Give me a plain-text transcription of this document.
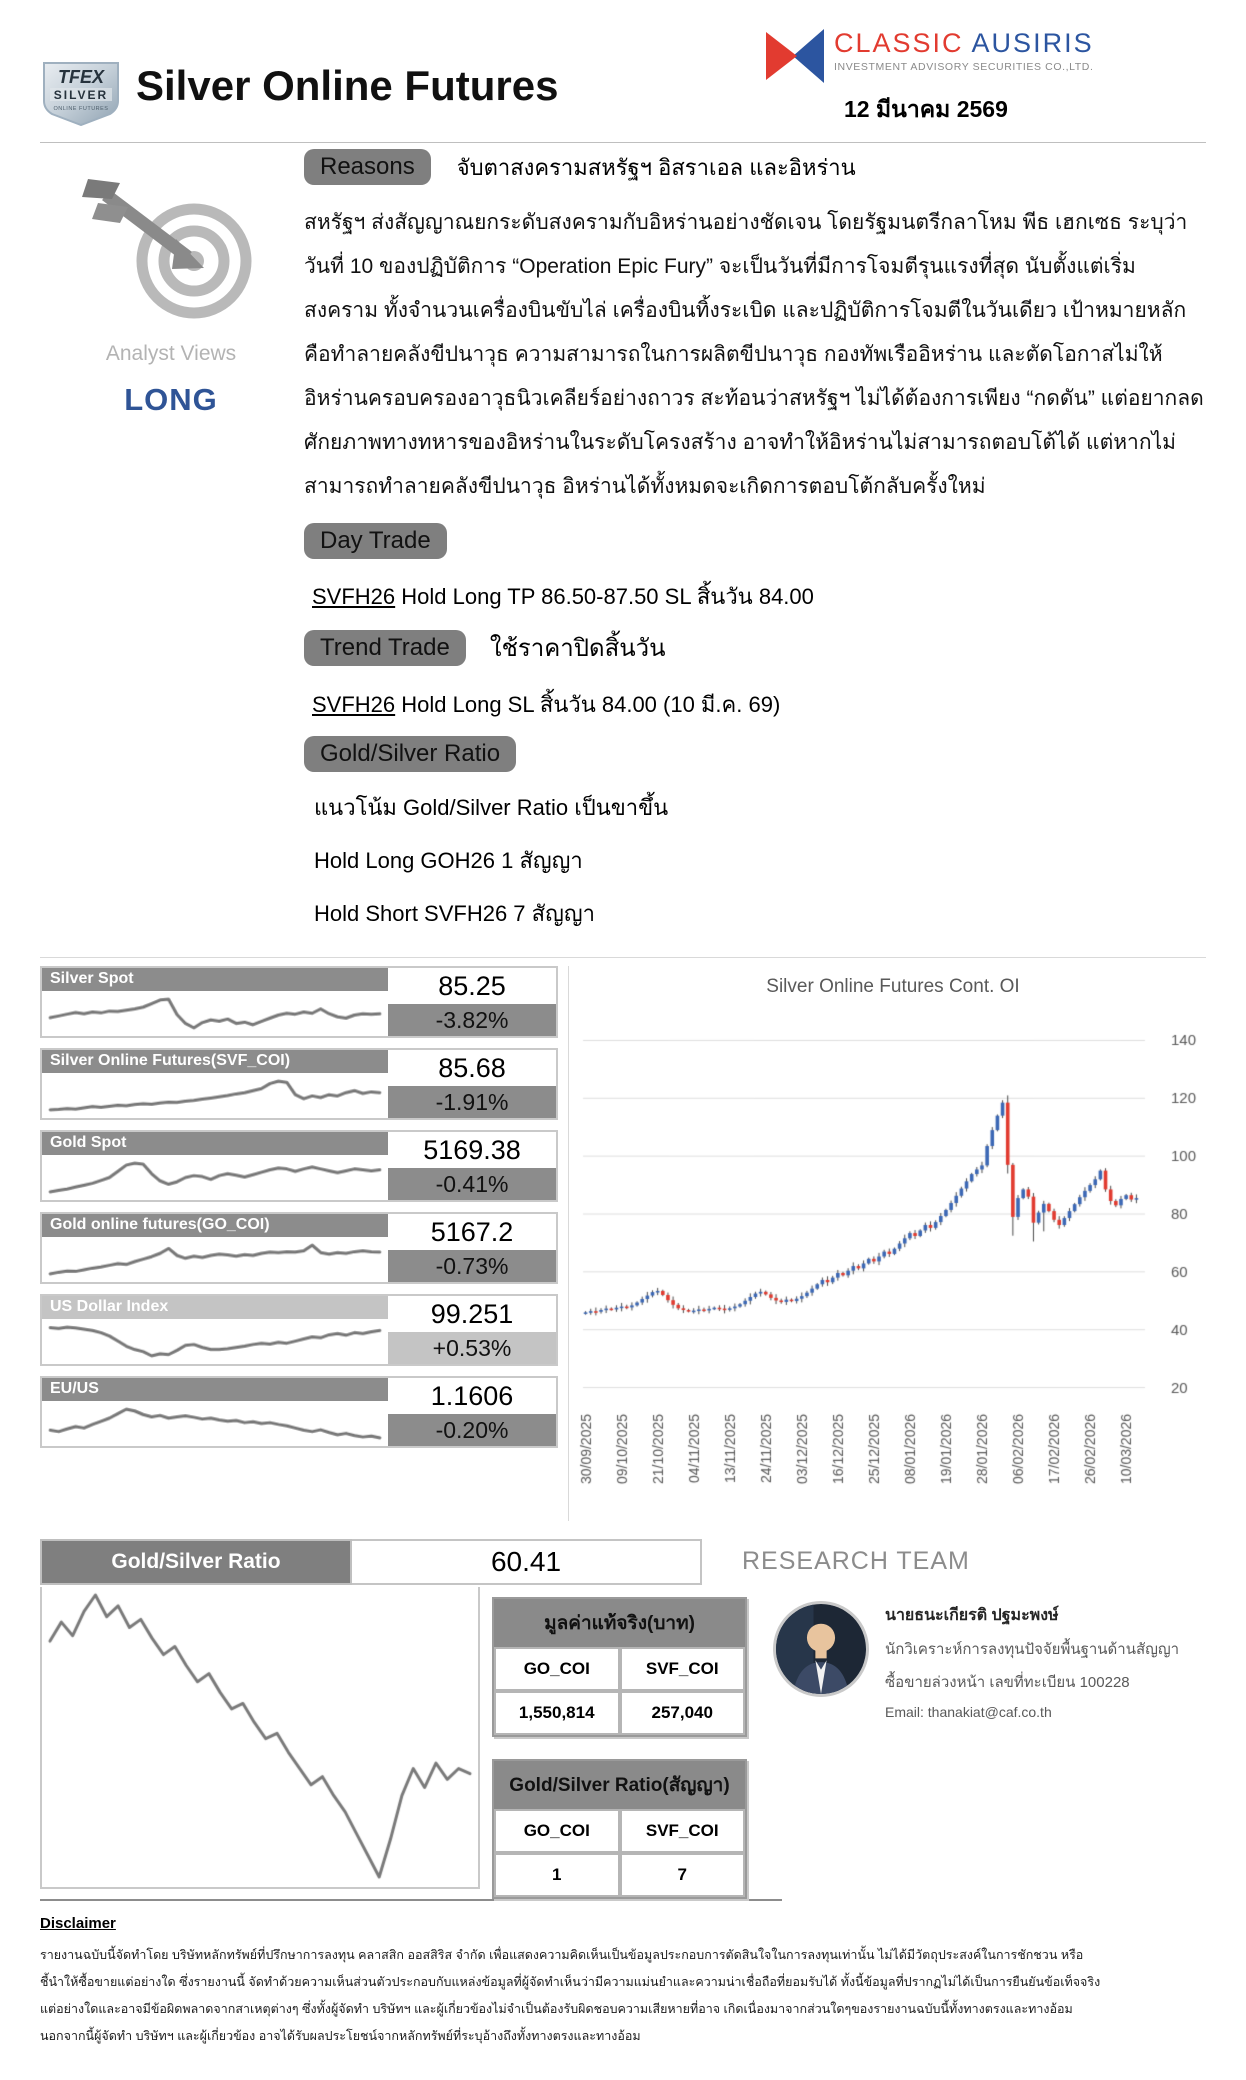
TFEX
SILVER
ONLINE FUTURES Silver Online Futures
CLASSIC AUSIRIS
INVESTMENT ADVISORY SECURITIES CO.,LTD.
12 มีนาคม 2569
Analyst Views
LONG
Reasons	จับตาสงครามสหรัฐฯ อิสราเอล และอิหร่าน
สหรัฐฯ ส่งสัญญาณยกระดับสงครามกับอิหร่านอย่างชัดเจน โดยรัฐมนตรีกลาโหม พีธ เฮกเซธ ระบุว่า วันที่ 10 ของปฏิบัติการ “Operation Epic Fury” จะเป็นวันที่มีการโจมตีรุนแรงที่สุด นับตั้งแต่เริ่มสงคราม ทั้งจำนวนเครื่องบินขับไล่ เครื่องบินทิ้งระเบิด และปฏิบัติการโจมตีในวันเดียว เป้าหมายหลักคือทำลายคลังขีปนาวุธ ความสามารถในการผลิตขีปนาวุธ กองทัพเรืออิหร่าน และตัดโอกาสไม่ให้อิหร่านครอบครองอาวุธนิวเคลียร์อย่างถาวร สะท้อนว่าสหรัฐฯ ไม่ได้ต้องการเพียง “กดดัน” แต่อยากลดศักยภาพทางทหารของอิหร่านในระดับโครงสร้าง อาจทำให้อิหร่านไม่สามารถตอบโต้ได้ แต่หากไม่สามารถทำลายคลังขีปนาวุธ อิหร่านได้ทั้งหมดจะเกิดการตอบโต้กลับครั้งใหม่
Day Trade
SVFH26 Hold Long TP 86.50-87.50 SL สิ้นวัน 84.00
Trend Trade	ใช้ราคาปิดสิ้นวัน
SVFH26 Hold Long SL สิ้นวัน 84.00 (10 มี.ค. 69)
Gold/Silver Ratio
แนวโน้ม Gold/Silver Ratio เป็นขาขึ้น
Hold Long GOH26 1 สัญญา
Hold Short SVFH26 7 สัญญา
Silver Spot	85.25
-3.82%
Silver Online Futures(SVF_COI)	85.68
-1.91%
Gold Spot	5169.38
-0.41%
Gold online futures(GO_COI)	5167.2
-0.73%
US Dollar Index	99.251
+0.53%
EU/US	1.1606
-0.20%
Silver Online Futures Cont. OI
Gold/Silver Ratio	60.41	RESEARCH TEAM
มูลค่าแท้จริง(บาท)
GO_COI	SVF_COI
1,550,814	257,040
Gold/Silver Ratio(สัญญา)
GO_COI	SVF_COI
1	7
นายธนะเกียรติ ปฐมะพงษ์
นักวิเคราะห์การลงทุนปัจจัยพื้นฐานด้านสัญญา
ซื้อขายล่วงหน้า เลขที่ทะเบียน 100228
Email: thanakiat@caf.co.th
Disclaimer
รายงานฉบับนี้จัดทำโดย บริษัทหลักทรัพย์ที่ปรึกษาการลงทุน คลาสสิก ออสสิริส จำกัด เพื่อแสดงความคิดเห็นเป็นข้อมูลประกอบการตัดสินใจในการลงทุนเท่านั้น ไม่ได้มีวัตถุประสงค์ในการชักชวน หรือ
ชี้นำให้ซื้อขายแต่อย่างใด ซึ่งรายงานนี้ จัดทำด้วยความเห็นส่วนตัวประกอบกับแหล่งข้อมูลที่ผู้จัดทำเห็นว่ามีความแม่นยำและความน่าเชื่อถือที่ยอมรับได้ ทั้งนี้ข้อมูลที่ปรากฏไม่ได้เป็นการยืนยันข้อเท็จจริง
แต่อย่างใดและอาจมีข้อผิดพลาดจากสาเหตุต่างๆ ซึ่งทั้งผู้จัดทำ บริษัทฯ และผู้เกี่ยวข้องไม่จำเป็นต้องรับผิดชอบความเสียหายที่อาจ เกิดเนื่องมาจากส่วนใดๆของรายงานฉบับนี้ทั้งทางตรงและทางอ้อม
นอกจากนี้ผู้จัดทำ บริษัทฯ และผู้เกี่ยวข้อง อาจได้รับผลประโยชน์จากหลักทรัพย์ที่ระบุอ้างถึงทั้งทางตรงและทางอ้อม
